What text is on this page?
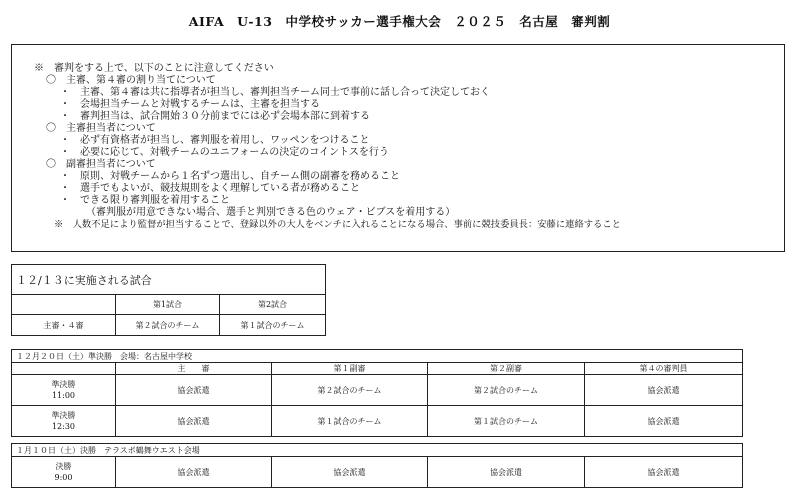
AIFA　U-13　中学校サッカー選手権大会　２０２５　名古屋　審判割
※　審判をする上で、以下のことに注意してください
〇　主審、第４審の割り当てについて
・　主審、第４審は共に指導者が担当し、審判担当チーム同士で事前に話し合って決定しておく
・　会場担当チームと対戦するチームは、主審を担当する
・　審判担当は、試合開始３０分前までには必ず会場本部に到着する
〇　主審担当者について
・　必ず有資格者が担当し、審判服を着用し、ワッペンをつけること
・　必要に応じて、対戦チームのユニフォームの決定のコイントスを行う
〇　副審担当者について
・　原則、対戦チームから１名ずつ選出し、自チーム側の副審を務めること
・　選手でもよいが、競技規則をよく理解している者が務めること
・　できる限り審判服を着用すること
（審判服が用意できない場合、選手と判別できる色のウェア・ビブスを着用する）
※　人数不足により監督が担当することで、登録以外の大人をベンチに入れることになる場合、事前に競技委員長：安藤に連絡すること
１２/１３に実施される試合		
	第1試合	第2試合
主審・４審	第２試合のチーム	第１試合のチーム
１２月２０日（土）準決勝　会場：名古屋中学校				
	主　　審	第１副審	第２副審	第４の審判員
準決勝
11:00	協会派遣	第２試合のチーム	第２試合のチーム	協会派遣
準決勝
12:30	協会派遣	第１試合のチーム	第１試合のチーム	協会派遣
１月１０日（土）決勝　テラスポ鶴舞ウエスト会場
決勝
9:00	協会派遣	協会派遣	協会派遣	協会派遣
